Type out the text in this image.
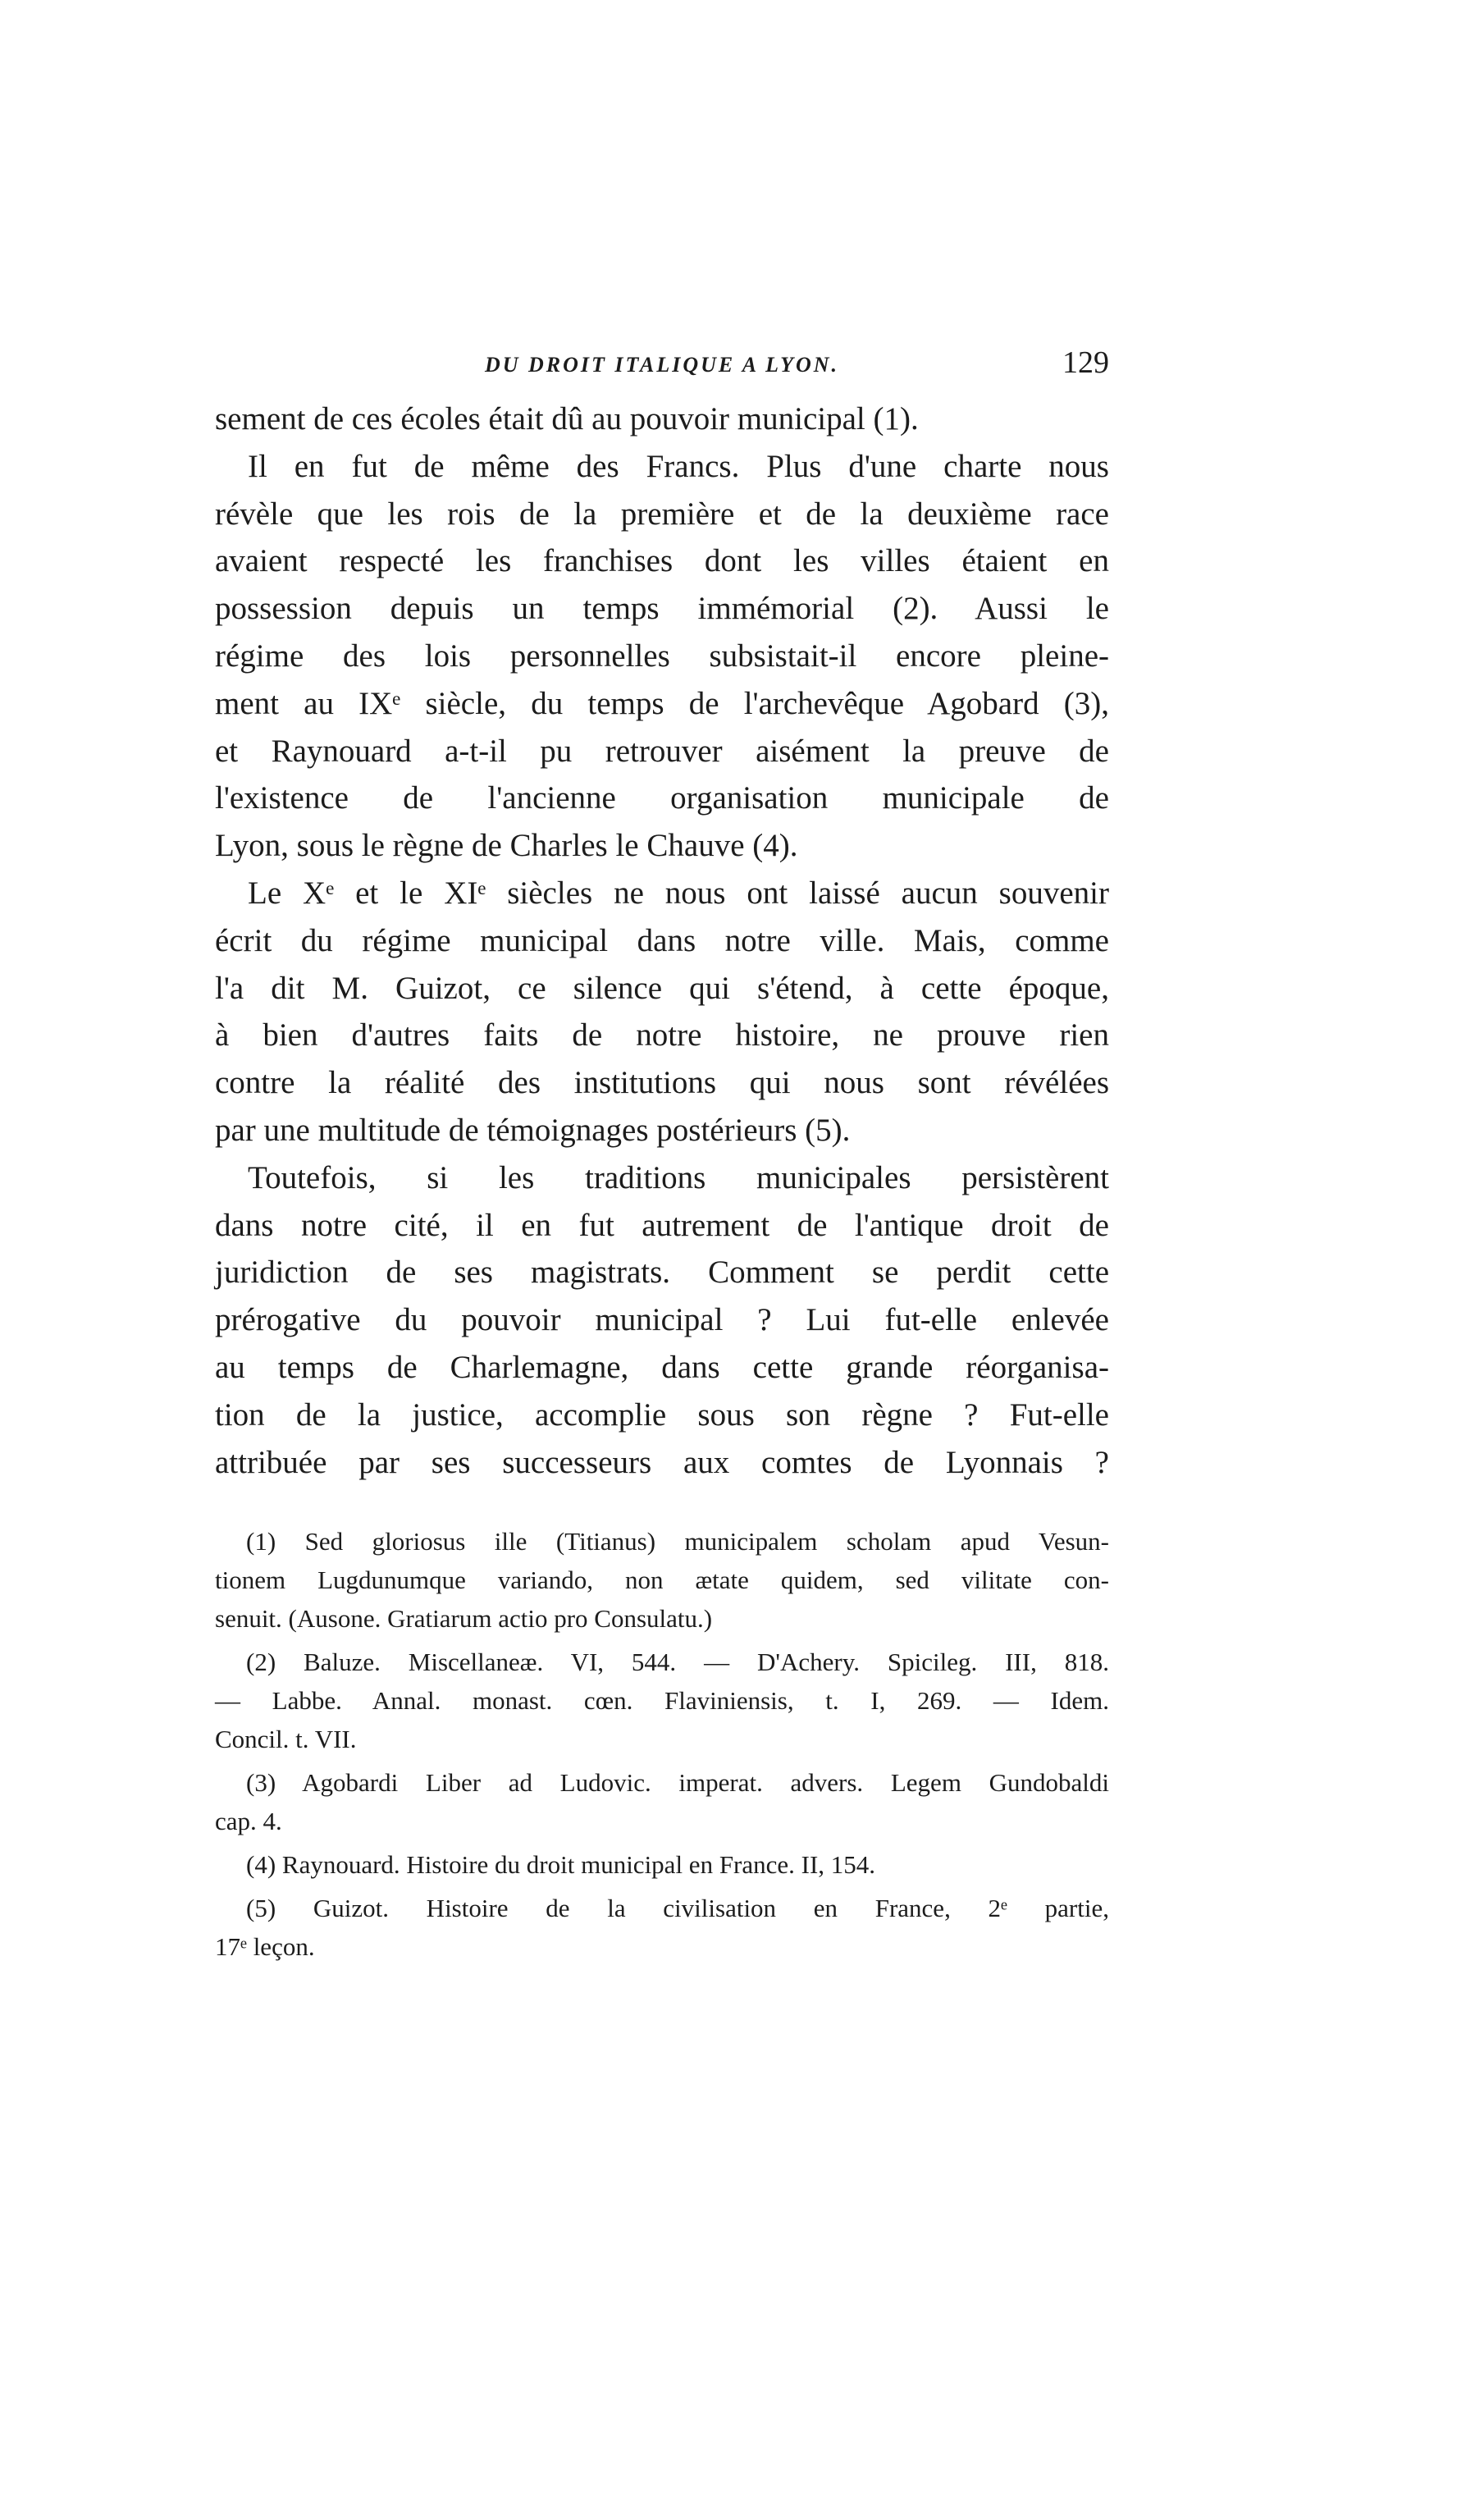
DU DROIT ITALIQUE A LYON.	129

sement de ces écoles était dû au pouvoir municipal (1).

Il en fut de même des Francs. Plus d'une charte nous
révèle que les rois de la première et de la deuxième race
avaient respecté les franchises dont les villes étaient en
possession depuis un temps immémorial (2). Aussi le
régime des lois personnelles subsistait-il encore pleine-
ment au IXᵉ siècle, du temps de l'archevêque Agobard (3),
et Raynouard a-t-il pu retrouver aisément la preuve de
l'existence de l'ancienne organisation municipale de
Lyon, sous le règne de Charles le Chauve (4).

Le Xᵉ et le XIᵉ siècles ne nous ont laissé aucun souvenir
écrit du régime municipal dans notre ville. Mais, comme
l'a dit M. Guizot, ce silence qui s'étend, à cette époque,
à bien d'autres faits de notre histoire, ne prouve rien
contre la réalité des institutions qui nous sont révélées
par une multitude de témoignages postérieurs (5).

Toutefois, si les traditions municipales persistèrent
dans notre cité, il en fut autrement de l'antique droit de
juridiction de ses magistrats. Comment se perdit cette
prérogative du pouvoir municipal ? Lui fut-elle enlevée
au temps de Charlemagne, dans cette grande réorganisa-
tion de la justice, accomplie sous son règne ? Fut-elle
attribuée par ses successeurs aux comtes de Lyonnais ?

(1) Sed gloriosus ille (Titianus) municipalem scholam apud Vesun-
tionem Lugdunumque variando, non ætate quidem, sed vilitate con-
senuit. (Ausone. Gratiarum actio pro Consulatu.)
(2) Baluze. Miscellaneæ. VI, 544. — D'Achery. Spicileg. III, 818.
— Labbe. Annal. monast. cœn. Flaviniensis, t. I, 269. — Idem.
Concil. t. VII.
(3) Agobardi Liber ad Ludovic. imperat. advers. Legem Gundobaldi
cap. 4.
(4) Raynouard. Histoire du droit municipal en France. II, 154.
(5) Guizot. Histoire de la civilisation en France, 2ᵉ partie,
17ᵉ leçon.
